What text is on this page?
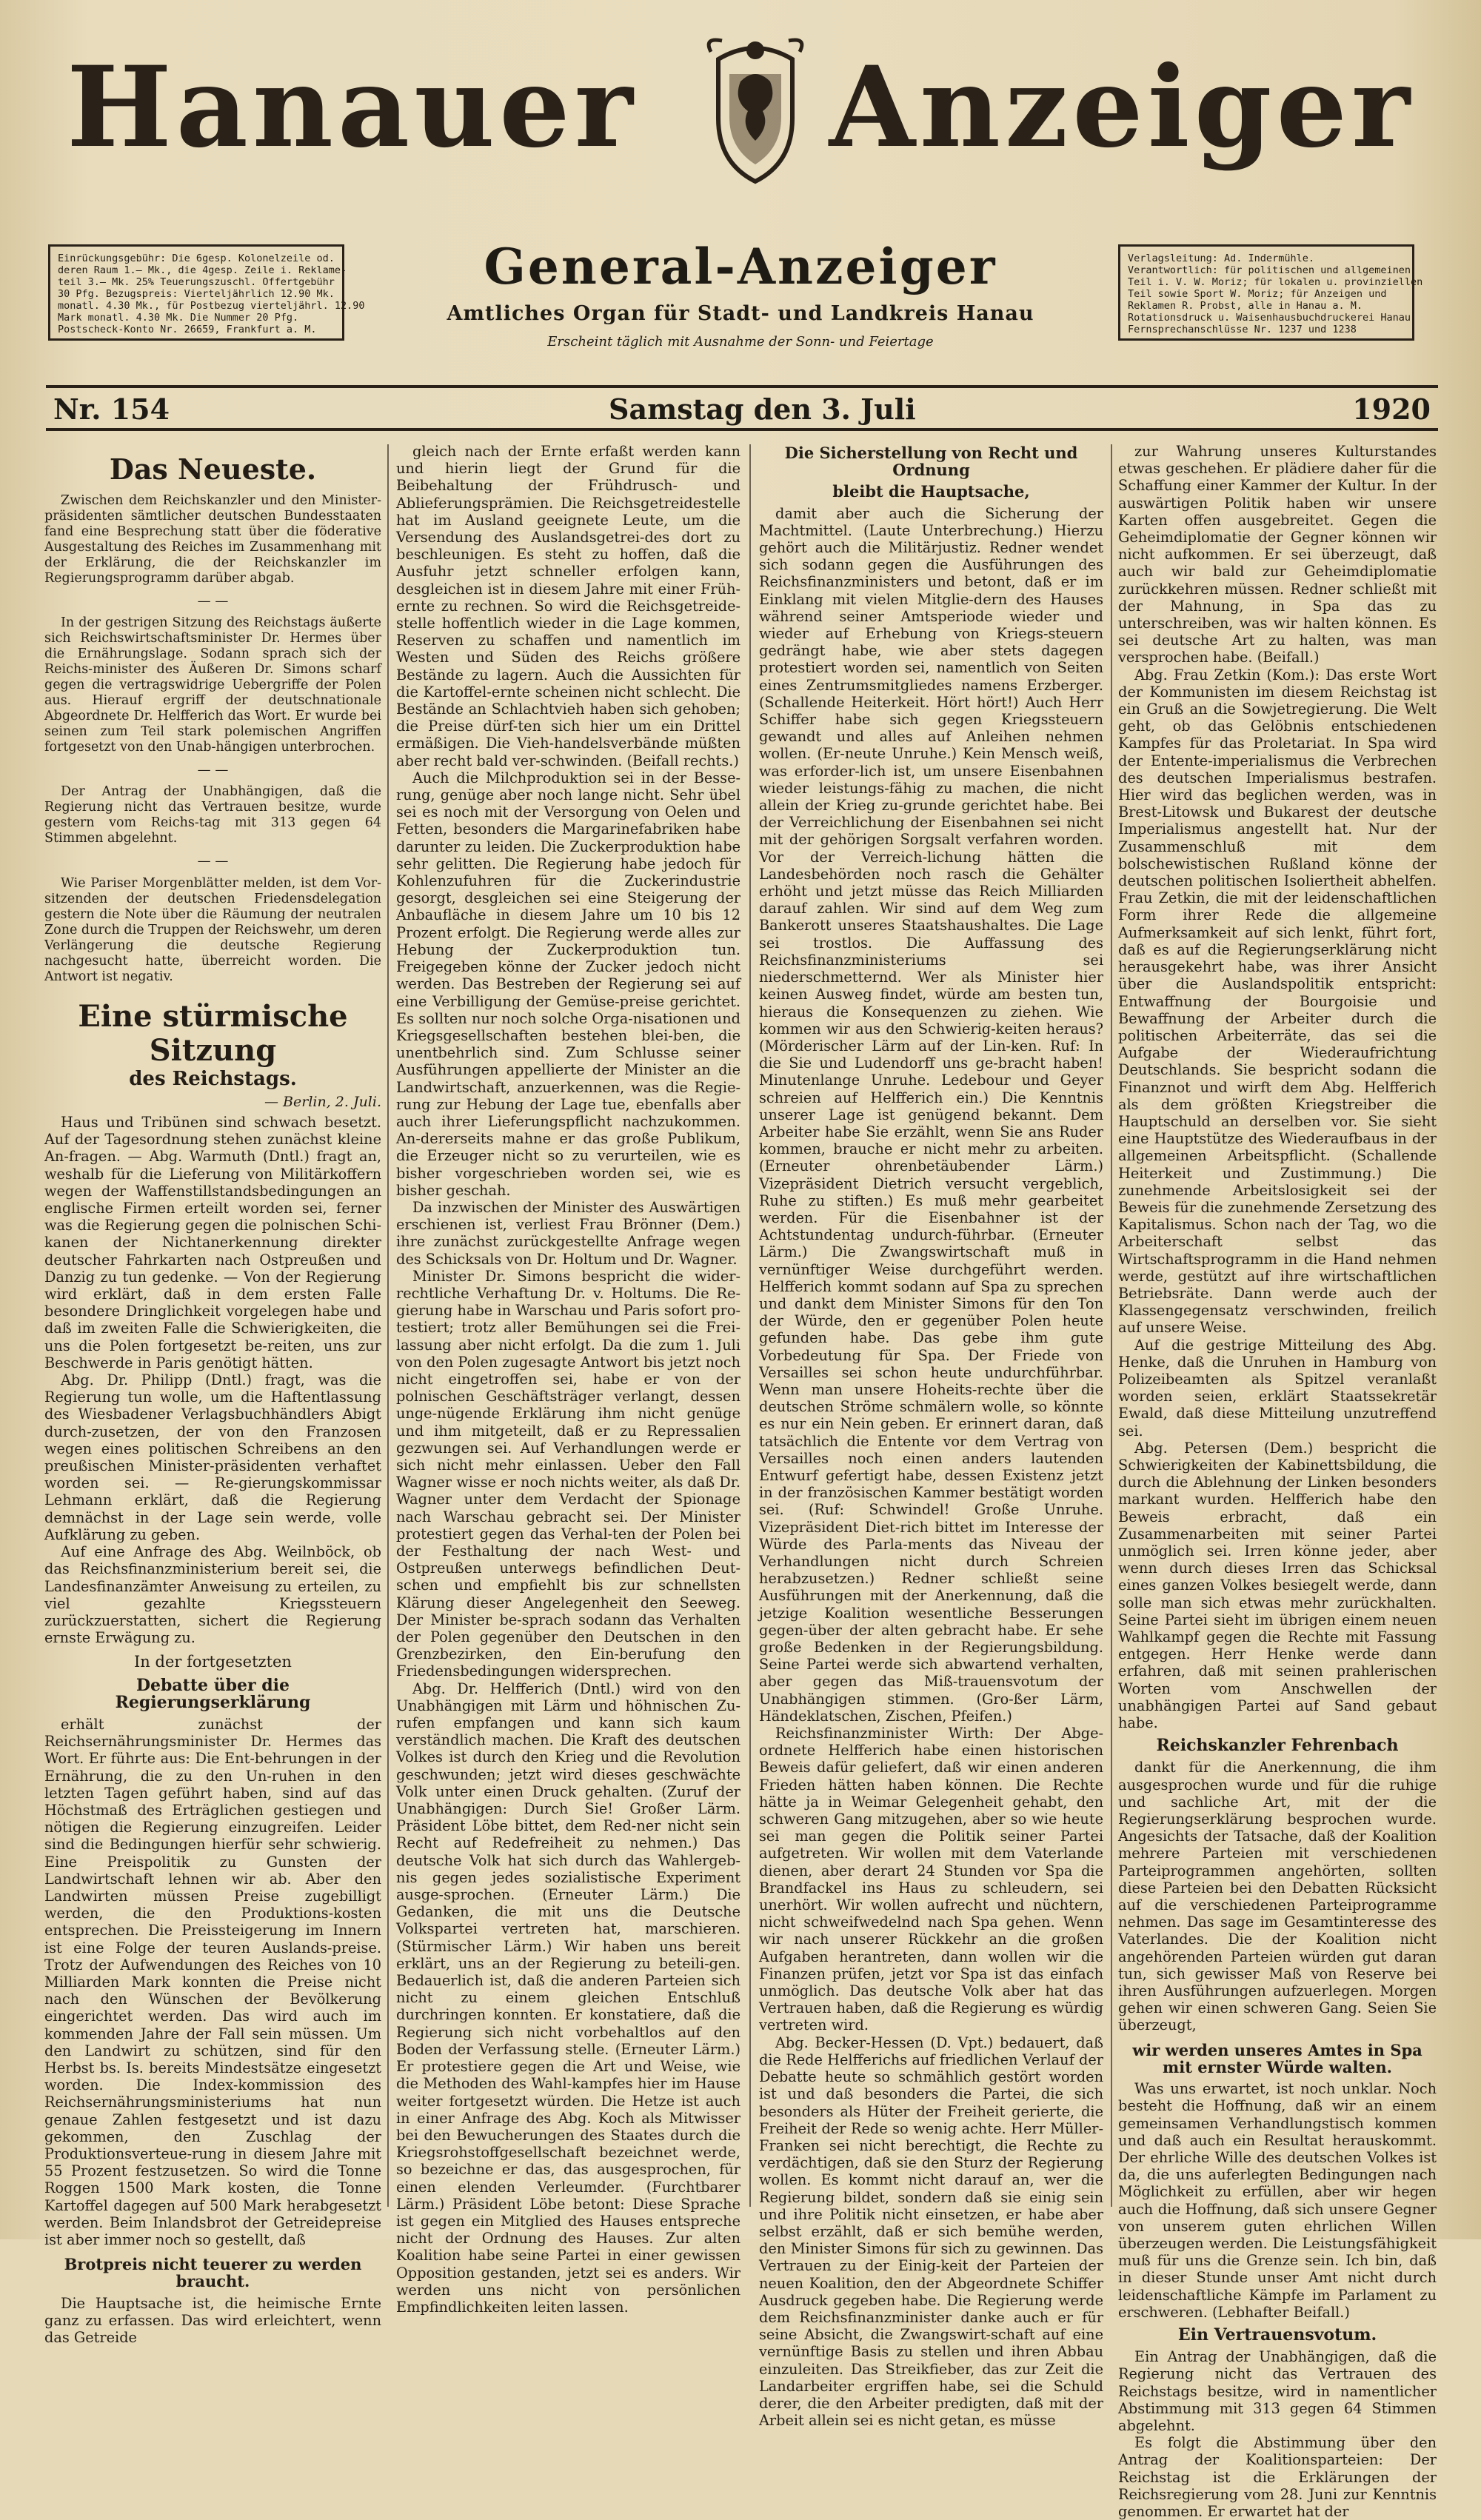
Hanauer Anzeiger
Einrückungsgebühr: Die 6gesp. Kolonelzeile od.
deren Raum 1.— Mk., die 4gesp. Zeile i. Reklame-
teil 3.— Mk. 25% Teuerungszuschl. Offertgebühr
30 Pfg. Bezugspreis: Vierteljährlich 12.90 Mk.
monatl. 4.30 Mk., für Postbezug vierteljährl. 12.90
Mark monatl. 4.30 Mk. Die Nummer 20 Pfg.
Postscheck-Konto Nr. 26659, Frankfurt a. M.
General-Anzeiger
Amtliches Organ für Stadt- und Landkreis Hanau
Erscheint täglich mit Ausnahme der Sonn- und Feiertage
Verlagsleitung: Ad. Indermühle.
Verantwortlich: für politischen und allgemeinen
Teil i. V. W. Moriz; für lokalen u. provinziellen
Teil sowie Sport W. Moriz; für Anzeigen und
Reklamen R. Probst, alle in Hanau a. M.
Rotationsdruck u. Waisenhausbuchdruckerei Hanau
Fernsprechanschlüsse Nr. 1237 und 1238
Nr. 154	Samstag den 3. Juli	1920
Das Neueste.

Zwischen dem Reichskanzler und den Minister-präsidenten sämtlicher deutschen Bundesstaaten fand eine Besprechung statt über die föderative Ausgestaltung des Reiches im Zusammenhang mit der Erklärung, die der Reichskanzler im Regierungsprogramm darüber abgab.

— —

In der gestrigen Sitzung des Reichstags äußerte sich Reichswirtschaftsminister Dr. Hermes über die Ernährungslage. Sodann sprach sich der Reichs-minister des Äußeren Dr. Simons scharf gegen die vertragswidrige Uebergriffe der Polen aus. Hierauf ergriff der deutschnationale Abgeordnete Dr. Helfferich das Wort. Er wurde bei seinen zum Teil stark polemischen Angriffen fortgesetzt von den Unab-hängigen unterbrochen.

— —

Der Antrag der Unabhängigen, daß die Regierung nicht das Vertrauen besitze, wurde gestern vom Reichs-tag mit 313 gegen 64 Stimmen abgelehnt.

— —

Wie Pariser Morgenblätter melden, ist dem Vor-sitzenden der deutschen Friedensdelegation gestern die Note über die Räumung der neutralen Zone durch die Truppen der Reichswehr, um deren Verlängerung die deutsche Regierung nachgesucht hatte, überreicht worden. Die Antwort ist negativ.

Eine stürmische Sitzung
des Reichstags.
— Berlin, 2. Juli.

Haus und Tribünen sind schwach besetzt. Auf der Tagesordnung stehen zunächst kleine An-fragen. — Abg. Warmuth (Dntl.) fragt an, weshalb für die Lieferung von Militärkoffern wegen der Waffenstillstandsbedingungen an englische Firmen erteilt worden sei, ferner was die Regierung gegen die polnischen Schi-kanen der Nichtanerkennung direkter deutscher Fahrkarten nach Ostpreußen und Danzig zu tun gedenke. — Von der Regierung wird erklärt, daß in dem ersten Falle besondere Dringlichkeit vorgelegen habe und daß im zweiten Falle die Schwierigkeiten, die uns die Polen fortgesetzt be-reiten, uns zur Beschwerde in Paris genötigt hätten.

Abg. Dr. Philipp (Dntl.) fragt, was die Regierung tun wolle, um die Haftentlassung des Wiesbadener Verlagsbuchhändlers Abigt durch-zusetzen, der von den Franzosen wegen eines politischen Schreibens an den preußischen Minister-präsidenten verhaftet worden sei. — Re-gierungskommissar Lehmann erklärt, daß die Regierung demnächst in der Lage sein werde, volle Aufklärung zu geben.

Auf eine Anfrage des Abg. Weilnböck, ob das Reichsfinanzministerium bereit sei, die Landesfinanzämter Anweisung zu erteilen, zu viel gezahlte Kriegssteuern zurückzuerstatten, sichert die Regierung ernste Erwägung zu.

In der fortgesetzten
Debatte über die Regierungserklärung

erhält zunächst der Reichsernährungsminister Dr. Hermes das Wort. Er führte aus: Die Ent-behrungen in der Ernährung, die zu den Un-ruhen in den letzten Tagen geführt haben, sind auf das Höchstmaß des Erträglichen gestiegen und nötigen die Regierung einzugreifen. Leider sind die Bedingungen hierfür sehr schwierig. Eine Preispolitik zu Gunsten der Landwirtschaft lehnen wir ab. Aber den Landwirten müssen Preise zugebilligt werden, die den Produktions-kosten entsprechen. Die Preissteigerung im Innern ist eine Folge der teuren Auslands-preise. Trotz der Aufwendungen des Reiches von 10 Milliarden Mark konnten die Preise nicht nach den Wünschen der Bevölkerung eingerichtet werden. Das wird auch im kommenden Jahre der Fall sein müssen. Um den Landwirt zu schützen, sind für den Herbst bs. Is. bereits Mindestsätze eingesetzt worden. Die Index-kommission des Reichsernährungsministeriums hat nun genaue Zahlen festgesetzt und ist dazu gekommen, den Zuschlag der Produktionsverteue-rung in diesem Jahre mit 55 Prozent festzusetzen. So wird die Tonne Roggen 1500 Mark kosten, die Tonne Kartoffel dagegen auf 500 Mark herabgesetzt werden. Beim Inlandsbrot der Getreidepreise ist aber immer noch so gestellt, daß

Brotpreis nicht teuerer zu werden braucht.

Die Hauptsache ist, die heimische Ernte ganz zu erfassen. Das wird erleichtert, wenn das Getreide

gleich nach der Ernte erfaßt werden kann und hierin liegt der Grund für die Beibehaltung der Frühdrusch- und Ablieferungsprämien. Die Reichsgetreidestelle hat im Ausland geeignete Leute, um die Versendung des Auslandsgetrei-des dort zu beschleunigen. Es steht zu hoffen, daß die Ausfuhr jetzt schneller erfolgen kann, desgleichen ist in diesem Jahre mit einer Früh-ernte zu rechnen. So wird die Reichsgetreide-stelle hoffentlich wieder in die Lage kommen, Reserven zu schaffen und namentlich im Westen und Süden des Reichs größere Bestände zu lagern. Auch die Aussichten für die Kartoffel-ernte scheinen nicht schlecht. Die Bestände an Schlachtvieh haben sich gehoben; die Preise dürf-ten sich hier um ein Drittel ermäßigen. Die Vieh-handelsverbände müßten aber recht bald ver-schwinden. (Beifall rechts.)

Auch die Milchproduktion sei in der Besse-rung, genüge aber noch lange nicht. Sehr übel sei es noch mit der Versorgung von Oelen und Fetten, besonders die Margarinefabriken habe darunter zu leiden. Die Zuckerproduktion habe sehr gelitten. Die Regierung habe jedoch für Kohlenzufuhren für die Zuckerindustrie gesorgt, desgleichen sei eine Steigerung der Anbaufläche in diesem Jahre um 10 bis 12 Prozent erfolgt. Die Regierung werde alles zur Hebung der Zuckerproduktion tun. Freigegeben könne der Zucker jedoch nicht werden. Das Bestreben der Regierung sei auf eine Verbilligung der Gemüse-preise gerichtet. Es sollten nur noch solche Orga-nisationen und Kriegsgesellschaften bestehen blei-ben, die unentbehrlich sind. Zum Schlusse seiner Ausführungen appellierte der Minister an die Landwirtschaft, anzuerkennen, was die Regie-rung zur Hebung der Lage tue, ebenfalls aber auch ihrer Lieferungspflicht nachzukommen. An-dererseits mahne er das große Publikum, die Erzeuger nicht so zu verurteilen, wie es bisher vorgeschrieben worden sei, wie es bisher geschah.

Da inzwischen der Minister des Auswärtigen erschienen ist, verliest Frau Brönner (Dem.) ihre zunächst zurückgestellte Anfrage wegen des Schicksals von Dr. Holtum und Dr. Wagner.

Minister Dr. Simons bespricht die wider-rechtliche Verhaftung Dr. v. Holtums. Die Re-gierung habe in Warschau und Paris sofort pro-testiert; trotz aller Bemühungen sei die Frei-lassung aber nicht erfolgt. Da die zum 1. Juli von den Polen zugesagte Antwort bis jetzt noch nicht eingetroffen sei, habe er von der polnischen Geschäftsträger verlangt, dessen unge-nügende Erklärung ihm nicht genüge und ihm mitgeteilt, daß er zu Repressalien gezwungen sei. Auf Verhandlungen werde er sich nicht mehr einlassen. Ueber den Fall Wagner wisse er noch nichts weiter, als daß Dr. Wagner unter dem Verdacht der Spionage nach Warschau gebracht sei. Der Minister protestiert gegen das Verhal-ten der Polen bei der Festhaltung der nach West- und Ostpreußen unterwegs befindlichen Deut-schen und empfiehlt bis zur schnellsten Klärung dieser Angelegenheit den Seeweg. Der Minister be-sprach sodann das Verhalten der Polen gegenüber den Deutschen in den Grenzbezirken, den Ein-berufung den Friedensbedingungen widersprechen.

Abg. Dr. Helfferich (Dntl.) wird von den Unabhängigen mit Lärm und höhnischen Zu-rufen empfangen und kann sich kaum verständlich machen. Die Kraft des deutschen Volkes ist durch den Krieg und die Revolution geschwunden; jetzt wird dieses geschwächte Volk unter einen Druck gehalten. (Zuruf der Unabhängigen: Durch Sie! Großer Lärm. Präsident Löbe bittet, dem Red-ner nicht sein Recht auf Redefreiheit zu nehmen.) Das deutsche Volk hat sich durch das Wahlergeb-nis gegen jedes sozialistische Experiment ausge-sprochen. (Erneuter Lärm.) Die Gedanken, die mit uns die Deutsche Volkspartei vertreten hat, marschieren. (Stürmischer Lärm.) Wir haben uns bereit erklärt, uns an der Regierung zu beteili-gen. Bedauerlich ist, daß die anderen Parteien sich nicht zu einem gleichen Entschluß durchringen konnten. Er konstatiere, daß die Regierung sich nicht vorbehaltlos auf den Boden der Verfassung stelle. (Erneuter Lärm.) Er protestiere gegen die Art und Weise, wie die Methoden des Wahl-kampfes hier im Hause weiter fortgesetzt würden. Die Hetze ist auch in einer Anfrage des Abg. Koch als Mitwisser bei den Bewucherungen des Staates durch die Kriegsrohstoffgesellschaft bezeichnet werde, so bezeichne er das, das ausgesprochen, für einen elenden Verleumder. (Furchtbarer Lärm.) Präsident Löbe betont: Diese Sprache ist gegen ein Mitglied des Hauses entspreche nicht der Ordnung des Hauses. Zur alten Koalition habe seine Partei in einer gewissen Opposition gestanden, jetzt sei es anders. Wir werden uns nicht von persönlichen Empfindlichkeiten leiten lassen.

Die Sicherstellung von Recht und Ordnung
bleibt die Hauptsache,

damit aber auch die Sicherung der Machtmittel. (Laute Unterbrechung.) Hierzu gehört auch die Militärjustiz. Redner wendet sich sodann gegen die Ausführungen des Reichsfinanzministers und betont, daß er im Einklang mit vielen Mitglie-dern des Hauses während seiner Amtsperiode wieder und wieder auf Erhebung von Kriegs-steuern gedrängt habe, wie aber stets dagegen protestiert worden sei, namentlich von Seiten eines Zentrumsmitgliedes namens Erzberger. (Schallende Heiterkeit. Hört hört!) Auch Herr Schiffer habe sich gegen Kriegssteuern gewandt und alles auf Anleihen nehmen wollen. (Er-neute Unruhe.) Kein Mensch weiß, was erforder-lich ist, um unsere Eisenbahnen wieder leistungs-fähig zu machen, die nicht allein der Krieg zu-grunde gerichtet habe. Bei der Verreichlichung der Eisenbahnen sei nicht mit der gehörigen Sorgsalt verfahren worden. Vor der Verreich-lichung hätten die Landesbehörden noch rasch die Gehälter erhöht und jetzt müsse das Reich Milliarden darauf zahlen. Wir sind auf dem Weg zum Bankerott unseres Staatshaushaltes. Die Lage sei trostlos. Die Auffassung des Reichsfinanzministeriums sei niederschmetternd. Wer als Minister hier keinen Ausweg findet, würde am besten tun, hieraus die Konsequenzen zu ziehen. Wie kommen wir aus den Schwierig-keiten heraus? (Mörderischer Lärm auf der Lin-ken. Ruf: In die Sie und Ludendorff uns ge-bracht haben! Minutenlange Unruhe. Ledebour und Geyer schreien auf Helfferich ein.) Die Kenntnis unserer Lage ist genügend bekannt. Dem Arbeiter habe Sie erzählt, wenn Sie ans Ruder kommen, brauche er nicht mehr zu arbeiten. (Erneuter ohrenbetäubender Lärm.) Vizepräsident Dietrich versucht vergeblich, Ruhe zu stiften.) Es muß mehr gearbeitet werden. Für die Eisenbahner ist der Achtstundentag undurch-führbar. (Erneuter Lärm.) Die Zwangswirtschaft muß in vernünftiger Weise durchgeführt werden. Helfferich kommt sodann auf Spa zu sprechen und dankt dem Minister Simons für den Ton der Würde, den er gegenüber Polen heute gefunden habe. Das gebe ihm gute Vorbedeutung für Spa. Der Friede von Versailles sei schon heute undurchführbar. Wenn man unsere Hoheits-rechte über die deutschen Ströme schmälern wolle, so könnte es nur ein Nein geben. Er erinnert daran, daß tatsächlich die Entente vor dem Vertrag von Versailles noch einen anders lautenden Entwurf gefertigt habe, dessen Existenz jetzt in der französischen Kammer bestätigt worden sei. (Ruf: Schwindel! Große Unruhe. Vizepräsident Diet-rich bittet im Interesse der Würde des Parla-ments das Niveau der Verhandlungen nicht durch Schreien herabzusetzen.) Redner schließt seine Ausführungen mit der Anerkennung, daß die jetzige Koalition wesentliche Besserungen gegen-über der alten gebracht habe. Er sehe große Bedenken in der Regierungsbildung. Seine Partei werde sich abwartend verhalten, aber gegen das Miß-trauensvotum der Unabhängigen stimmen. (Gro-ßer Lärm, Händeklatschen, Zischen, Pfeifen.)

Reichsfinanzminister Wirth: Der Abge-ordnete Helfferich habe einen historischen Beweis dafür geliefert, daß wir einen anderen Frieden hätten haben können. Die Rechte hätte ja in Weimar Gelegenheit gehabt, den schweren Gang mitzugehen, aber so wie heute sei man gegen die Politik seiner Partei aufgetreten. Wir wollen mit dem Vaterlande dienen, aber derart 24 Stunden vor Spa die Brandfackel ins Haus zu schleudern, sei unerhört. Wir wollen aufrecht und nüchtern, nicht schweifwedelnd nach Spa gehen. Wenn wir nach unserer Rückkehr an die großen Aufgaben herantreten, dann wollen wir die Finanzen prüfen, jetzt vor Spa ist das einfach unmöglich. Das deutsche Volk aber hat das Vertrauen haben, daß die Regierung es würdig vertreten wird.

Abg. Becker-Hessen (D. Vpt.) bedauert, daß die Rede Helfferichs auf friedlichen Verlauf der Debatte heute so schmählich gestört worden ist und daß besonders die Partei, die sich besonders als Hüter der Freiheit gerierte, die Freiheit der Rede so wenig achte. Herr Müller-Franken sei nicht berechtigt, die Rechte zu verdächtigen, daß sie den Sturz der Regierung wollen. Es kommt nicht darauf an, wer die Regierung bildet, sondern daß sie einig sein und ihre Politik nicht einsetzen, er habe aber selbst erzählt, daß er sich bemühe werden, den Minister Simons für sich zu gewinnen. Das Vertrauen zu der Einig-keit der Parteien der neuen Koalition, den der Abgeordnete Schiffer Ausdruck gegeben habe. Die Regierung werde dem Reichsfinanzminister danke auch er für seine Absicht, die Zwangswirt-schaft auf eine vernünftige Basis zu stellen und ihren Abbau einzuleiten. Das Streikfieber, das zur Zeit die Landarbeiter ergriffen habe, sei die Schuld derer, die den Arbeiter predigten, daß mit der Arbeit allein sei es nicht getan, es müsse

zur Wahrung unseres Kulturstandes etwas geschehen. Er plädiere daher für die Schaffung einer Kammer der Kultur. In der auswärtigen Politik haben wir unsere Karten offen ausgebreitet. Gegen die Geheimdiplomatie der Gegner können wir nicht aufkommen. Er sei überzeugt, daß auch wir bald zur Geheimdiplomatie zurückkehren müssen. Redner schließt mit der Mahnung, in Spa das zu unterschreiben, was wir halten können. Es sei deutsche Art zu halten, was man versprochen habe. (Beifall.)

Abg. Frau Zetkin (Kom.): Das erste Wort der Kommunisten im diesem Reichstag ist ein Gruß an die Sowjetregierung. Die Welt geht, ob das Gelöbnis entschiedenen Kampfes für das Proletariat. In Spa wird der Entente-imperialismus die Verbrechen des deutschen Imperialismus bestrafen. Hier wird das beglichen werden, was in Brest-Litowsk und Bukarest der deutsche Imperialismus angestellt hat. Nur der Zusammenschluß mit dem bolschewistischen Rußland könne der deutschen politischen Isoliertheit abhelfen. Frau Zetkin, die mit der leidenschaftlichen Form ihrer Rede die allgemeine Aufmerksamkeit auf sich lenkt, führt fort, daß es auf die Regierungserklärung nicht herausgekehrt habe, was ihrer Ansicht über die Auslandspolitik entspricht: Entwaffnung der Bourgoisie und Bewaffnung der Arbeiter durch die politischen Arbeiterräte, das sei die Aufgabe der Wiederaufrichtung Deutschlands. Sie bespricht sodann die Finanznot und wirft dem Abg. Helfferich als dem größten Kriegstreiber die Hauptschuld an derselben vor. Sie sieht eine Hauptstütze des Wiederaufbaus in der allgemeinen Arbeitspflicht. (Schallende Heiterkeit und Zustimmung.) Die zunehmende Arbeitslosigkeit sei der Beweis für die zunehmende Zersetzung des Kapitalismus. Schon nach der Tag, wo die Arbeiterschaft selbst das Wirtschaftsprogramm in die Hand nehmen werde, gestützt auf ihre wirtschaftlichen Betriebsräte. Dann werde auch der Klassengegensatz verschwinden, freilich auf unsere Weise.

Auf die gestrige Mitteilung des Abg. Henke, daß die Unruhen in Hamburg von Polizeibeamten als Spitzel veranlaßt worden seien, erklärt Staatssekretär Ewald, daß diese Mitteilung unzutreffend sei.

Abg. Petersen (Dem.) bespricht die Schwierigkeiten der Kabinettsbildung, die durch die Ablehnung der Linken besonders markant wurden. Helfferich habe den Beweis erbracht, daß ein Zusammenarbeiten mit seiner Partei unmöglich sei. Irren könne jeder, aber wenn durch dieses Irren das Schicksal eines ganzen Volkes besiegelt werde, dann solle man sich etwas mehr zurückhalten. Seine Partei sieht im übrigen einem neuen Wahlkampf gegen die Rechte mit Fassung entgegen. Herr Henke werde dann erfahren, daß mit seinen prahlerischen Worten vom Anschwellen der unabhängigen Partei auf Sand gebaut habe.

Reichskanzler Fehrenbach

dankt für die Anerkennung, die ihm ausgesprochen wurde und für die ruhige und sachliche Art, mit der die Regierungserklärung besprochen wurde. Angesichts der Tatsache, daß der Koalition mehrere Parteien mit verschiedenen Parteiprogrammen angehörten, sollten diese Parteien bei den Debatten Rücksicht auf die verschiedenen Parteiprogramme nehmen. Das sage im Gesamtinteresse des Vaterlandes. Die der Koalition nicht angehörenden Parteien würden gut daran tun, sich gewisser Maß von Reserve bei ihren Ausführungen aufzuerlegen. Morgen gehen wir einen schweren Gang. Seien Sie überzeugt,

wir werden unseres Amtes in Spa mit ernster Würde walten.

Was uns erwartet, ist noch unklar. Noch besteht die Hoffnung, daß wir an einem gemeinsamen Verhandlungstisch kommen und daß auch ein Resultat herauskommt. Der ehrliche Wille des deutschen Volkes ist da, die uns auferlegten Bedingungen nach Möglichkeit zu erfüllen, aber wir hegen auch die Hoffnung, daß sich unsere Gegner von unserem guten ehrlichen Willen überzeugen werden. Die Leistungsfähigkeit muß für uns die Grenze sein. Ich bin, daß in dieser Stunde unser Amt nicht durch leidenschaftliche Kämpfe im Parlament zu erschweren. (Lebhafter Beifall.)

Ein Vertrauensvotum.

Ein Antrag der Unabhängigen, daß die Regierung nicht das Vertrauen des Reichstags besitze, wird in namentlicher Abstimmung mit 313 gegen 64 Stimmen abgelehnt.

Es folgt die Abstimmung über den Antrag der Koalitionsparteien: Der Reichstag ist die Erklärungen der Reichsregierung vom 28. Juni zur Kenntnis genommen. Er erwartet hat der
